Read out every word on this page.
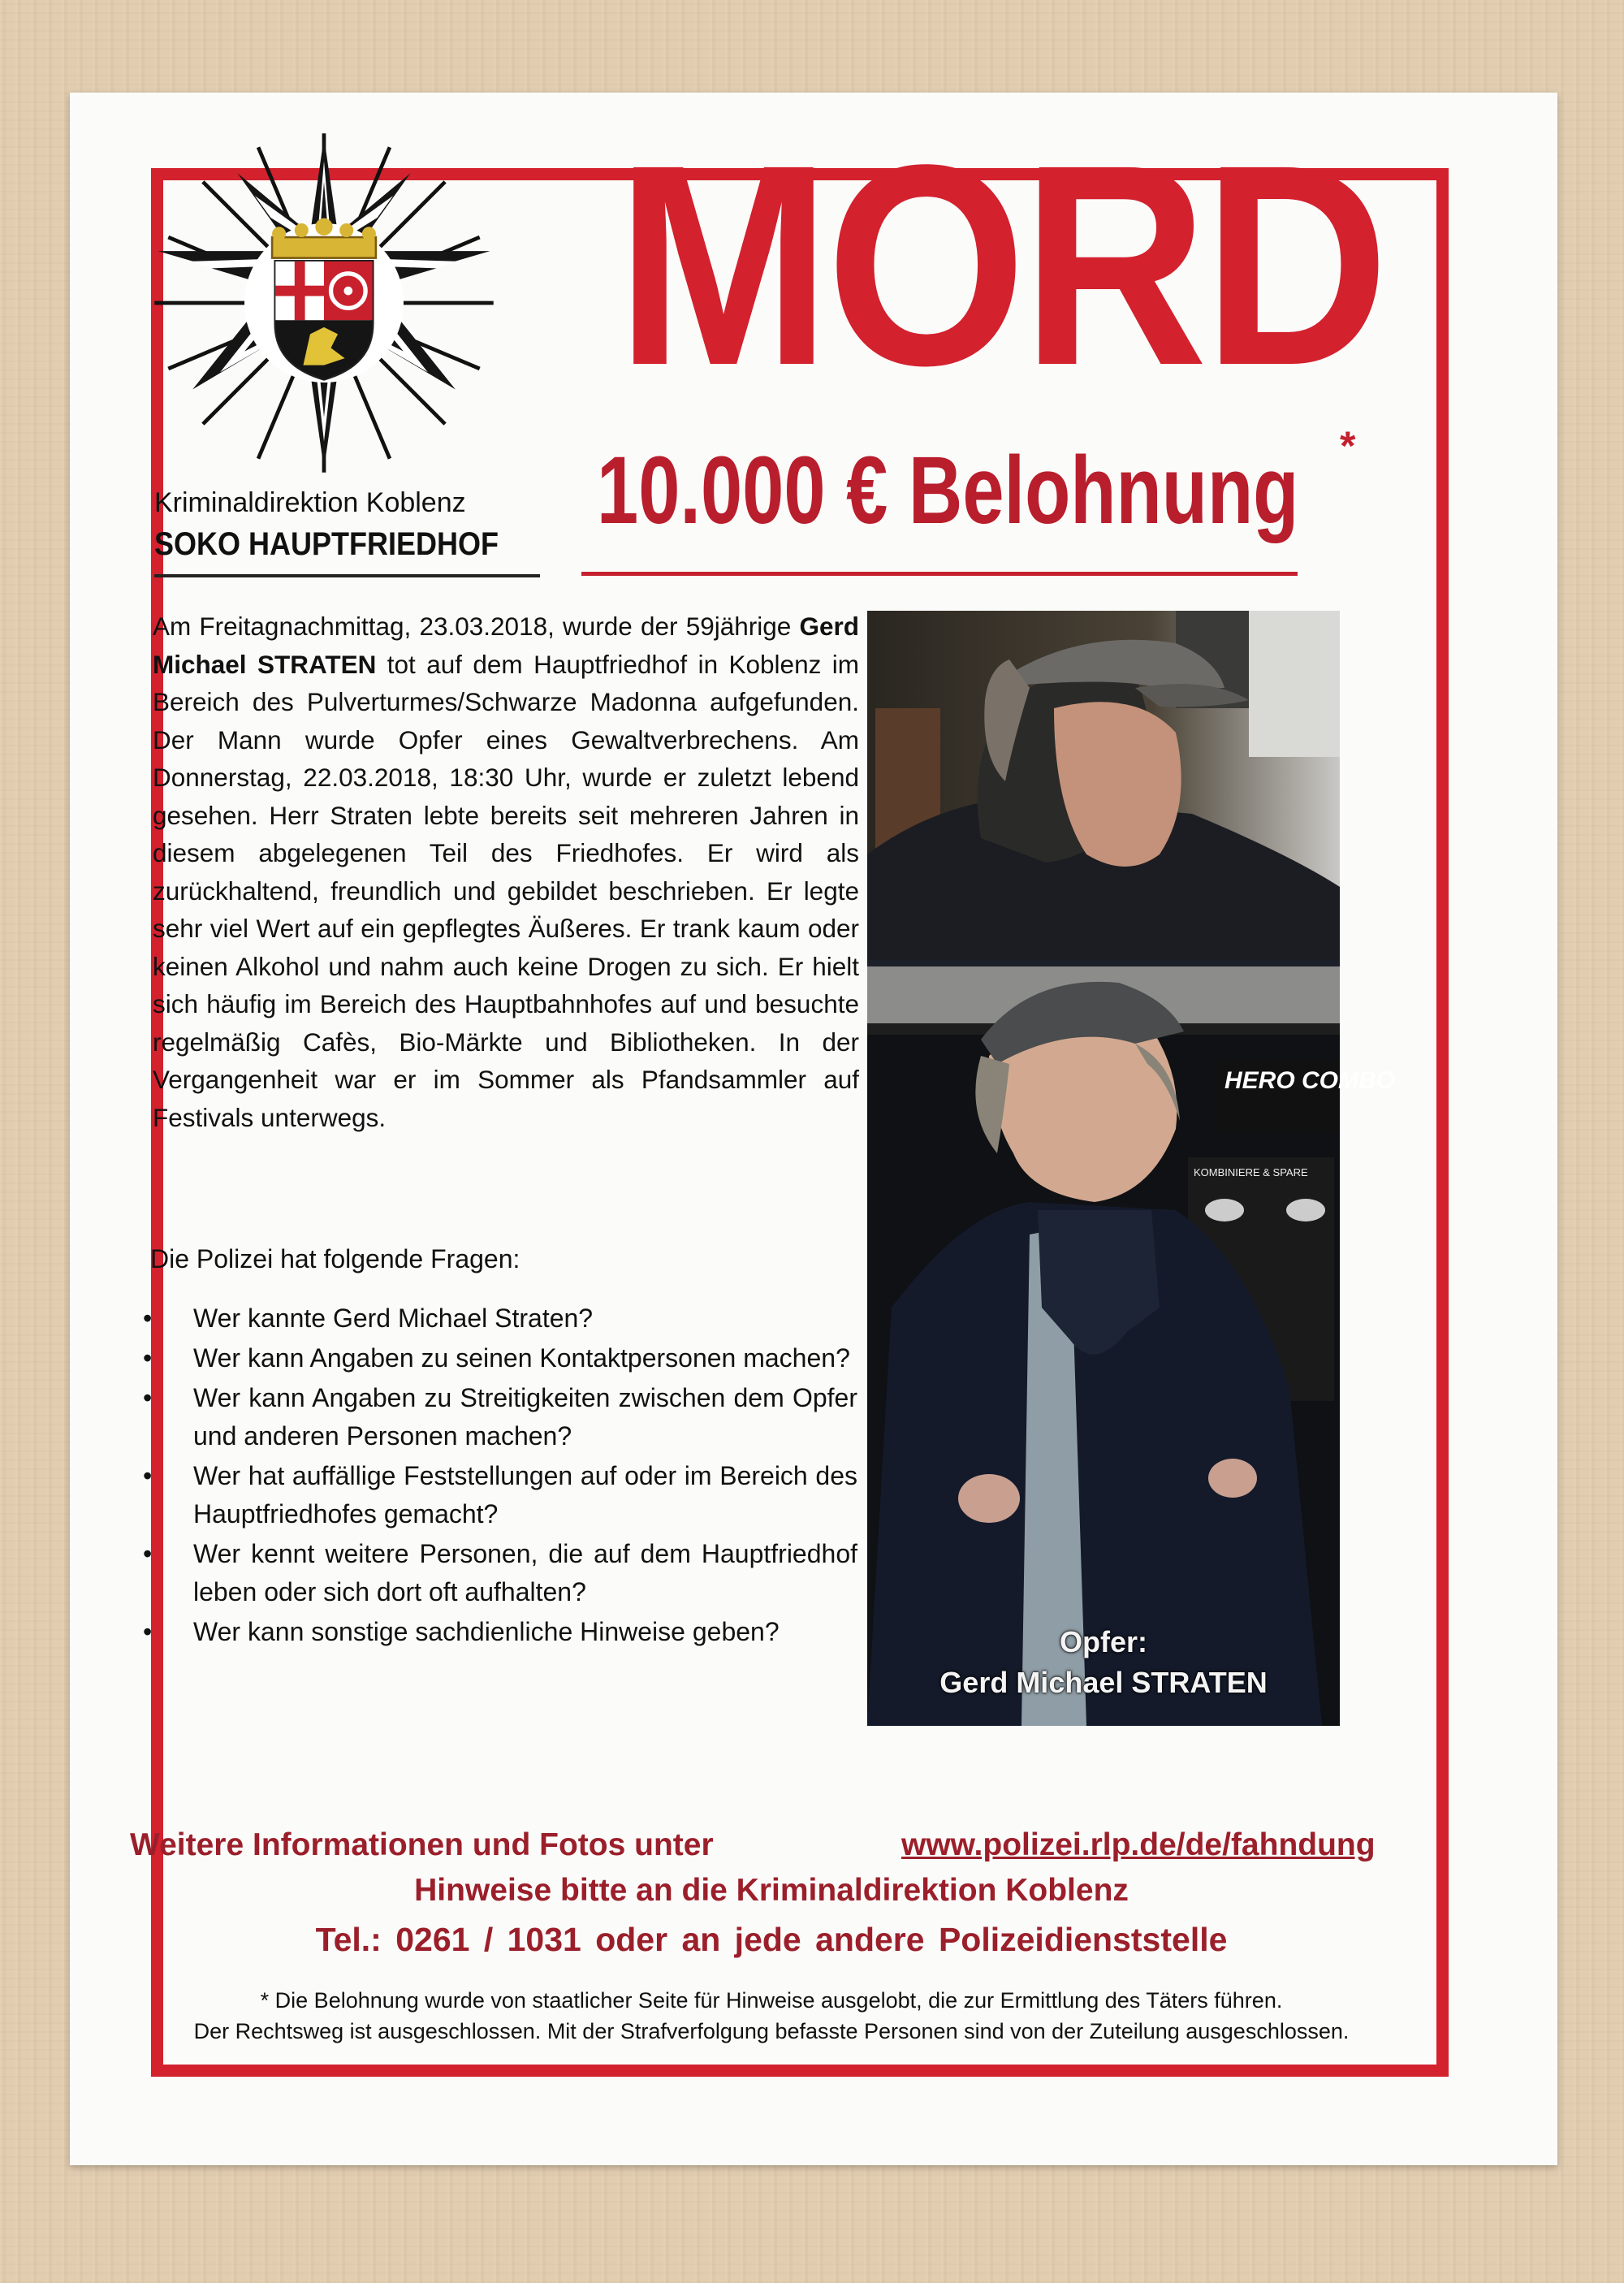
Kriminaldirektion Koblenz
SOKO HAUPTFRIEDHOF
MORD
10.000 € Belohnung *

Am Freitagnachmittag, 23.03.2018, wurde der 59jährige Gerd Michael STRATEN tot auf dem Hauptfriedhof in Koblenz im Bereich des Pulverturmes/Schwarze Madonna aufgefunden. Der Mann wurde Opfer eines Gewaltverbrechens. Am Donnerstag, 22.03.2018, 18:30 Uhr, wurde er zuletzt lebend gesehen. Herr Straten lebte bereits seit mehreren Jahren in diesem abgelegenen Teil des Friedhofes. Er wird als zurückhaltend, freundlich und gebildet beschrieben. Er legte sehr viel Wert auf ein gepflegtes Äußeres. Er trank kaum oder keinen Alkohol und nahm auch keine Drogen zu sich. Er hielt sich häufig im Bereich des Hauptbahnhofes auf und besuchte regelmäßig Cafès, Bio-Märkte und Bibliotheken. In der Vergangenheit war er im Sommer als Pfandsammler auf Festivals unterwegs.

Die Polizei hat folgende Fragen:
• Wer kannte Gerd Michael Straten?
• Wer kann Angaben zu seinen Kontaktpersonen machen?
• Wer kann Angaben zu Streitigkeiten zwischen dem Opfer und anderen Personen machen?
• Wer hat auffällige Feststellungen auf oder im Bereich des Hauptfriedhofes gemacht?
• Wer kennt weitere Personen, die auf dem Hauptfriedhof leben oder sich dort oft aufhalten?
• Wer kann sonstige sachdienliche Hinweise geben?
HERO COMBO
KOMBINIERE & SPARE
Opfer:
Gerd Michael STRATEN
Weitere Informationen und Fotos unter	www.polizei.rlp.de/de/fahndung
Hinweise bitte an die Kriminaldirektion Koblenz
Tel.: 0261 / 1031 oder an jede andere Polizeidienststelle
* Die Belohnung wurde von staatlicher Seite für Hinweise ausgelobt, die zur Ermittlung des Täters führen.
Der Rechtsweg ist ausgeschlossen. Mit der Strafverfolgung befasste Personen sind von der Zuteilung ausgeschlossen.
